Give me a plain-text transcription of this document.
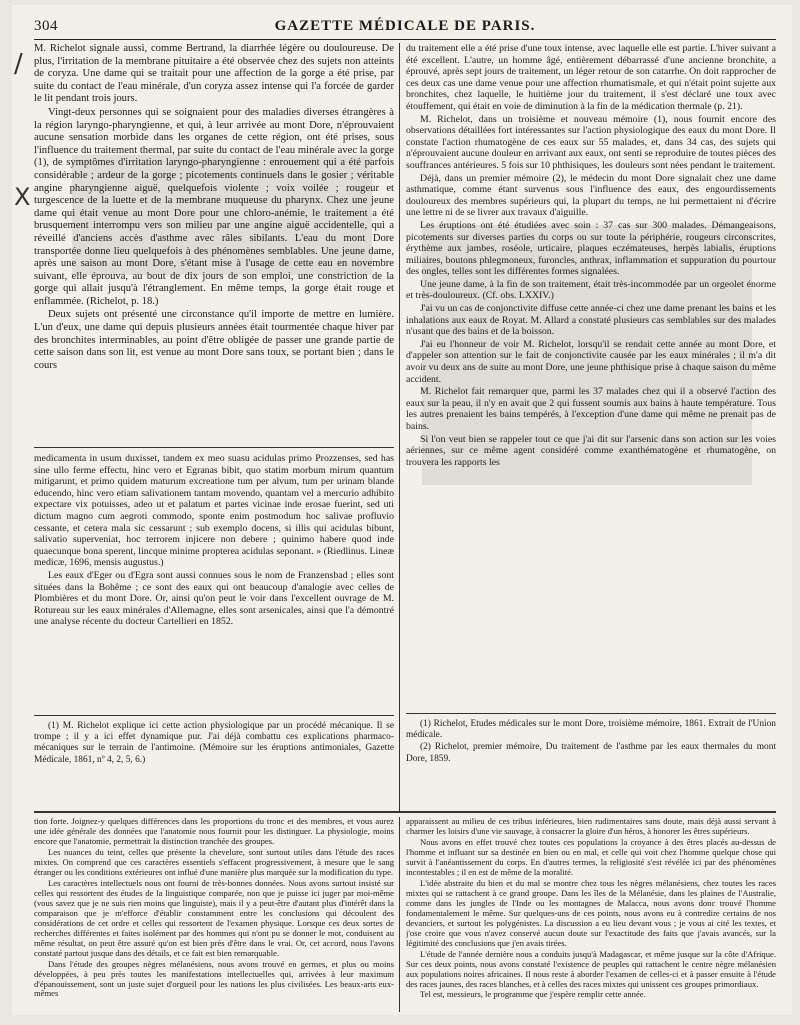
304	GAZETTE MÉDICALE DE PARIS.
/
X

M. Richelot signale aussi, comme Bertrand, la diarrhée légère ou douloureuse. De plus, l'irritation de la membrane pituitaire a été observée chez des sujets non atteints de coryza. Une dame qui se traitait pour une affection de la gorge a été prise, par suite du contact de l'eau minérale, d'un coryza assez intense qui l'a forcée de garder le lit pendant trois jours.

Vingt-deux personnes qui se soignaient pour des maladies diverses étrangères à la région laryngo-pharyngienne, et qui, à leur arrivée au mont Dore, n'éprouvaient aucune sensation morbide dans les organes de cette région, ont été prises, sous l'influence du traitement thermal, par suite du contact de l'eau minérale avec la gorge (1), de symptômes d'irritation laryngo-pharyngienne : enrouement qui a été parfois considérable ; ardeur de la gorge ; picotements continuels dans le gosier ; véritable angine pharyngienne aiguë, quelquefois violente ; voix voilée ; rougeur et turgescence de la luette et de la membrane muqueuse du pharynx. Chez une jeune dame qui était venue au mont Dore pour une chloro-anémie, le traitement a été brusquement interrompu vers son milieu par une angine aiguë accidentelle, qui a réveillé d'anciens accès d'asthme avec râles sibilants. L'eau du mont Dore transportée donne lieu quelquefois à des phénomènes semblables. Une jeune dame, après une saison au mont Dore, s'étant mise à l'usage de cette eau en novembre suivant, elle éprouva, au bout de dix jours de son emploi, une constriction de la gorge qui allait jusqu'à l'étranglement. En même temps, la gorge était rouge et enflammée. (Richelot, p. 18.)

Deux sujets ont présenté une circonstance qu'il importe de mettre en lumière. L'un d'eux, une dame qui depuis plusieurs années était tourmentée chaque hiver par des bronchites interminables, au point d'être obligée de passer une grande partie de cette saison dans son lit, est venue au mont Dore sans toux, se portant bien ; dans le cours

medicamenta in usum duxisset, tandem ex meo suasu acidulas primo Prozzenses, sed has sine ullo ferme effectu, hinc vero et Egranas bibit, quo statim morbum mirum quantum mitigarunt, et primo quidem maturum excreatione tum per alvum, tum per urinam blande educendo, hinc vero etiam salivationem tantam movendo, quantam vel a mercurio adhibito expectare vix potuisses, adeo ut et palatum et partes vicinae inde erosae fuerint, sed uti dictum magno cum aegroti commodo, sponte enim postmodum hoc salivae profluvio cessante, et cetera mala sic cessarunt ; sub exemplo docens, si illis qui acidulas bibunt, salivatio superveniat, hoc terrorem injicere non debere ; quinimo habere quod inde quaecunque bona sperent, lincque minime propterea acidulas seponant. » (Riedlinus. Lineæ medicæ, 1696, mensis augustus.)

Les eaux d'Eger ou d'Egra sont aussi connues sous le nom de Franzensbad ; elles sont situées dans la Bohême ; ce sont des eaux qui ont beaucoup d'analogie avec celles de Plombières et du mont Dore. Or, ainsi qu'on peut le voir dans l'excellent ouvrage de M. Rotureau sur les eaux minérales d'Allemagne, elles sont arsenicales, ainsi que l'a démontré une analyse récente du docteur Cartellieri en 1852.

(1) M. Richelot explique ici cette action physiologique par un procédé mécanique. Il se trompe ; il y a ici effet dynamique pur. J'ai déjà combattu ces explications pharmaco-mécaniques sur le terrain de l'antimoine. (Mémoire sur les éruptions antimoniales, Gazette Médicale, 1861, nº 4, 2, 5, 6.)

du traitement elle a été prise d'une toux intense, avec laquelle elle est partie. L'hiver suivant a été excellent. L'autre, un homme âgé, entièrement débarrassé d'une ancienne bronchite, a éprouvé, après sept jours de traitement, un léger retour de son catarrhe. On doit rapprocher de ces deux cas une dame venue pour une affection rhumatismale, et qui n'était point sujette aux bronchites, chez laquelle, le huitième jour du traitement, il s'est déclaré une toux avec étouffement, qui était en voie de diminution à la fin de la médication thermale (p. 21).

M. Richelot, dans un troisième et nouveau mémoire (1), nous fournit encore des observations détaillées fort intéressantes sur l'action physiologique des eaux du mont Dore. Il constate l'action rhumatogène de ces eaux sur 55 malades, et, dans 34 cas, des sujets qui n'éprouvaient aucune douleur en arrivant aux eaux, ont senti se reproduire de toutes pièces des souffrances antérieures. 5 fois sur 10 phthisiques, les douleurs sont nées pendant le traitement.

Déjà, dans un premier mémoire (2), le médecin du mont Dore signalait chez une dame asthmatique, comme étant survenus sous l'influence des eaux, des engourdissements douloureux des membres supérieurs qui, la plupart du temps, ne lui permettaient ni d'écrire une lettre ni de se livrer aux travaux d'aiguille.

Les éruptions ont été étudiées avec soin : 37 cas sur 300 malades. Démangeaisons, picotements sur diverses parties du corps ou sur toute la périphérie, rougeurs circonscrites, érythème aux jambes, roséole, urticaire, plaques eczémateuses, herpès labialis, éruptions miliaires, boutons phlegmoneux, furoncles, anthrax, inflammation et suppuration du pourtour des ongles, telles sont les différentes formes signalées.

Une jeune dame, à la fin de son traitement, était très-incommodée par un orgeolet énorme et très-douloureux. (Cf. obs. LXXIV.)

J'ai vu un cas de conjonctivite diffuse cette année-ci chez une dame prenant les bains et les inhalations aux eaux de Royat. M. Allard a constaté plusieurs cas semblables sur des malades n'usant que des bains et de la boisson.

J'ai eu l'honneur de voir M. Richelot, lorsqu'il se rendait cette année au mont Dore, et d'appeler son attention sur le fait de conjonctivite causée par les eaux minérales ; il m'a dit avoir vu deux ans de suite au mont Dore, une jeune phthisique prise à chaque saison du même accident.

M. Richelot fait remarquer que, parmi les 37 malades chez qui il a observé l'action des eaux sur la peau, il n'y en avait que 2 qui fussent soumis aux bains à haute température. Tous les autres prenaient les bains tempérés, à l'exception d'une dame qui même ne prenait pas de bains.

Si l'on veut bien se rappeler tout ce que j'ai dit sur l'arsenic dans son action sur les voies aériennes, sur ce même agent considéré comme exanthématogène et rhumatogène, on trouvera les rapports les

(1) Richelot, Études médicales sur le mont Dore, troisième mémoire, 1861. Extrait de l'Union médicale.

(2) Richelot, premier mémoire, Du traitement de l'asthme par les eaux thermales du mont Dore, 1859.

tion forte. Joignez-y quelques différences dans les proportions du tronc et des membres, et vous aurez une idée générale des données que l'anatomie nous fournit pour les distinguer. La physiologie, moins encore que l'anatomie, permettrait la distinction tranchée des groupes.

Les nuances du teint, celles que présente la chevelure, sont surtout utiles dans l'étude des races mixtes. On comprend que ces caractères essentiels s'effacent progressivement, à mesure que le sang étranger ou les conditions extérieures ont influé d'une manière plus marquée sur la modification du type.

Les caractères intellectuels nous ont fourni de très-bonnes données. Nous avons surtout insisté sur celles qui ressortent des études de la linguistique comparée, non que je puisse ici juger par moi-même (vous savez que je ne suis rien moins que linguiste), mais il y a peut-être d'autant plus d'intérêt dans la comparaison que je m'efforce d'établir constamment entre les conclusions qui découlent des considérations de cet ordre et celles qui ressortent de l'examen physique. Lorsque ces deux sortes de recherches différentes et faites isolément par des hommes qui n'ont pu se donner le mot, conduisent au même résultat, on peut être assuré qu'on est bien près d'être dans le vrai. Or, cet accord, nous l'avons constaté partout jusque dans des détails, et ce fait est bien remarquable.

Dans l'étude des groupes nègres mélanésiens, nous avons trouvé en germes, et plus ou moins développées, à peu près toutes les manifestations intellectuelles qui, arrivées à leur maximum d'épanouissement, sont un juste sujet d'orgueil pour les nations les plus civilisées. Les beaux-arts eux-mêmes

apparaissent au milieu de ces tribus inférieures, bien rudimentaires sans doute, mais déjà aussi servant à charmer les loisirs d'une vie sauvage, à consacrer la gloire d'un héros, à honorer les êtres supérieurs.

Nous avons en effet trouvé chez toutes ces populations la croyance à des êtres placés au-dessus de l'homme et influant sur sa destinée en bien ou en mal, et celle qui voit chez l'homme quelque chose qui survit à l'anéantissement du corps. En d'autres termes, la religiosité s'est révélée ici par des phénomènes incontestables ; il en est de même de la moralité.

L'idée abstraite du bien et du mal se montre chez tous les nègres mélanésiens, chez toutes les races mixtes qui se rattachent à ce grand groupe. Dans les îles de la Mélanésie, dans les plaines de l'Australie, comme dans les jungles de l'Inde ou les montagnes de Malacca, nous avons donc trouvé l'homme fondamentalement le même. Sur quelques-uns de ces points, nous avons eu à contredire certains de nos devanciers, et surtout les polygénistes. La discussion a eu lieu devant vous ; je vous ai cité les textes, et j'ose croire que vous n'avez conservé aucun doute sur l'exactitude des faits que j'avais avancés, sur la légitimité des conclusions que j'en avais tirées.

L'étude de l'année dernière nous a conduits jusqu'à Madagascar, et même jusque sur la côte d'Afrique. Sur ces deux points, nous avons constaté l'existence de peuples qui rattachent le centre nègre mélanésien aux populations noires africaines. Il nous reste à aborder l'examen de celles-ci et à passer ensuite à l'étude des races jaunes, des races blanches, et à celles des races mixtes qui unissent ces groupes primordiaux.

Tel est, messieurs, le programme que j'espère remplir cette année.
